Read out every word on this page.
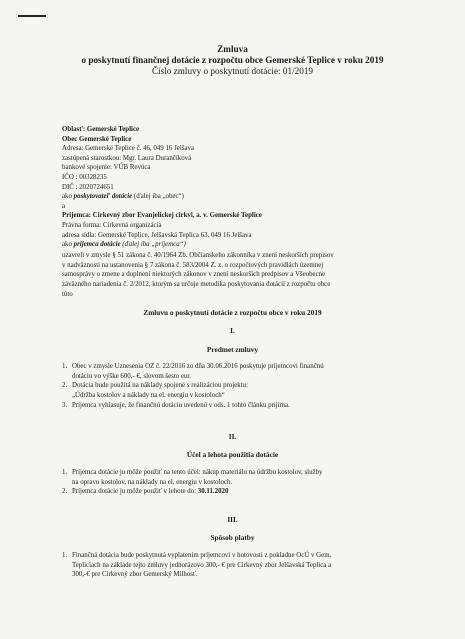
Zmluva
o poskytnutí finančnej dotácie z rozpočtu obce Gemerské Teplice v roku 2019
Číslo zmluvy o poskytnutí dotácie: 01/2019
Oblasť: Gemerské Teplice
Obec Gemerské Teplice
Adresa: Gemerské Teplice č. 46, 049 16 Jelšava
zastúpená starostkou: Mgr. Laura Durančíková
bankové spojenie: VÚB Revúca
IČO : 00328235
DIČ : 2020724651
ako poskytovateľ dotácie (ďalej iba „obec“)
a
Prijemca: Cirkevný zbor Evanjelickej cirkvi, a. v. Gemerské Teplice
Právna forma: Cirkevná organizácia
adresa sídla: Gemerské Teplice, Jelšavská Teplica 63, 049 16 Jelšava
ako prijemca dotácie (ďalej iba „príjemca“)
uzavreli v zmysle § 51 zákona č. 40/1964 Zb. Občianskeho zákonníka v znení neskorších prepisov
v nadväznosti na ustanovenia § 7 zákona č. 583/2004 Z. z. o rozpočtových pravidlách územnej
samosprávy o zmene a doplnení niektorých zákonov v znení neskorších predpisov a Všeobecne
záväzného nariadenia č. 2/2012, ktorým sa určuje metodika poskytovania dotácií z rozpočtu obce
túto
Zmluvu o poskytnutí dotácie z rozpočtu obce v roku 2019
I.
Predmet zmluvy
1. Obec v zmysle Uznesenia OZ č. 22/2016 zo dňa 30.06.2016 poskytuje príjemcovi finančnú
dotáciu vo výške 600,- €, slovom šesto eur.
2. Dotácia bude použitá na náklady spojené s realizáciou projektu:
„Údržba kostolov a náklady na el. energiu v kostoloch“
3. Príjemca vyhlasuje, že finančnú dotáciu uvedenú v ods. 1 tohto článku prijíma.
II.
Účel a lehota použitia dotácie
1. Príjemca dotácie ju môže použiť na tento účel: nákup materiálu na údržbu kostolov, služby
na opravu kostolov, na náklady na el. energiu v kostoloch.
2. Príjemca dotácie ju môže použiť v lehote do: 30.11.2020
III.
Spôsob platby
1. Finančná dotácia bude poskytnutá vyplatením príjemcovi v hotovosti z pokladne OcÚ v Gem.
Tepliciach na základe tejto zmluvy jednorázovo 300,- € pre Cirkevný zbor Jelšavská Teplica a
300,-€ pre Cirkevný zbor Gemerský Milhosť.
